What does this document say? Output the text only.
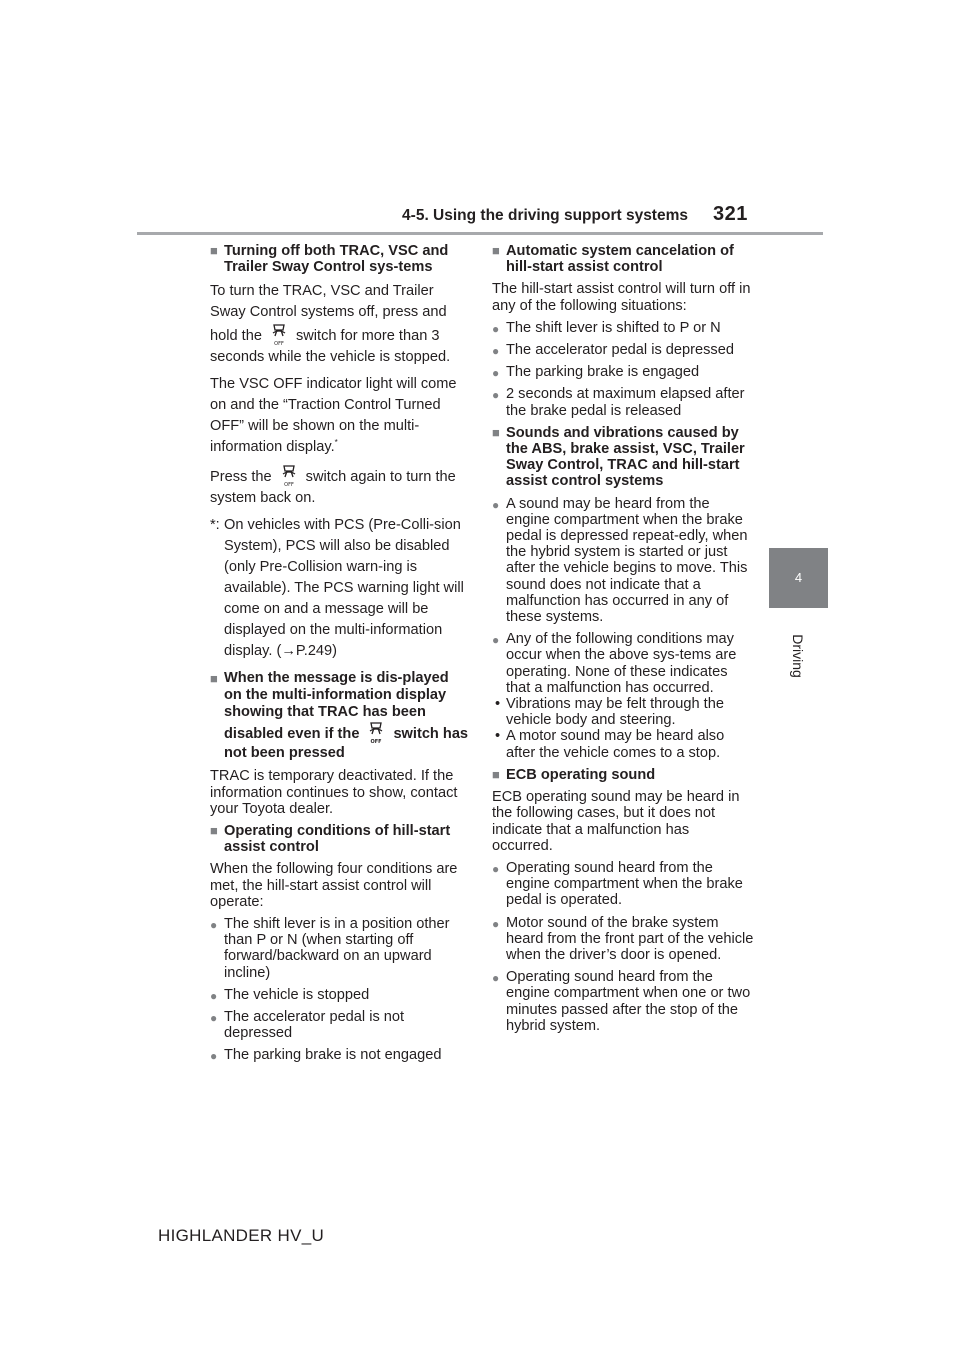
4-5. Using the driving support systems 321
4
Driving
■ Turning off both TRAC, VSC and Trailer Sway Control sys-tems
To turn the TRAC, VSC and Trailer Sway Control systems off, press and hold the OFF switch for more than 3 seconds while the vehicle is stopped.
The VSC OFF indicator light will come on and the “Traction Control Turned OFF” will be shown on the multi-information display.*
Press the OFF switch again to turn the system back on.
*: On vehicles with PCS (Pre-Colli-sion System), PCS will also be disabled (only Pre-Collision warn-ing is available). The PCS warning light will come on and a message will be displayed on the multi-information display. (→P.249)
■ When the message is dis-played on the multi-information display showing that TRAC has been disabled even if the OFF switch has not been pressed
TRAC is temporary deactivated. If the information continues to show, contact your Toyota dealer.
■ Operating conditions of hill-start assist control
When the following four conditions are met, the hill-start assist control will operate:
● The shift lever is in a position other than P or N (when starting off forward/backward on an upward incline)
● The vehicle is stopped
● The accelerator pedal is not depressed
● The parking brake is not engaged
■ Automatic system cancelation of hill-start assist control
The hill-start assist control will turn off in any of the following situations:
● The shift lever is shifted to P or N
● The accelerator pedal is depressed
● The parking brake is engaged
● 2 seconds at maximum elapsed after the brake pedal is released
■ Sounds and vibrations caused by the ABS, brake assist, VSC, Trailer Sway Control, TRAC and hill-start assist control systems
● A sound may be heard from the engine compartment when the brake pedal is depressed repeat-edly, when the hybrid system is started or just after the vehicle begins to move. This sound does not indicate that a malfunction has occurred in any of these systems.
● Any of the following conditions may occur when the above sys-tems are operating. None of these indicates that a malfunction has occurred.
• Vibrations may be felt through the vehicle body and steering.
• A motor sound may be heard also after the vehicle comes to a stop.
■ ECB operating sound
ECB operating sound may be heard in the following cases, but it does not indicate that a malfunction has occurred.
● Operating sound heard from the engine compartment when the brake pedal is operated.
● Motor sound of the brake system heard from the front part of the vehicle when the driver’s door is opened.
● Operating sound heard from the engine compartment when one or two minutes passed after the stop of the hybrid system.
HIGHLANDER HV_U
